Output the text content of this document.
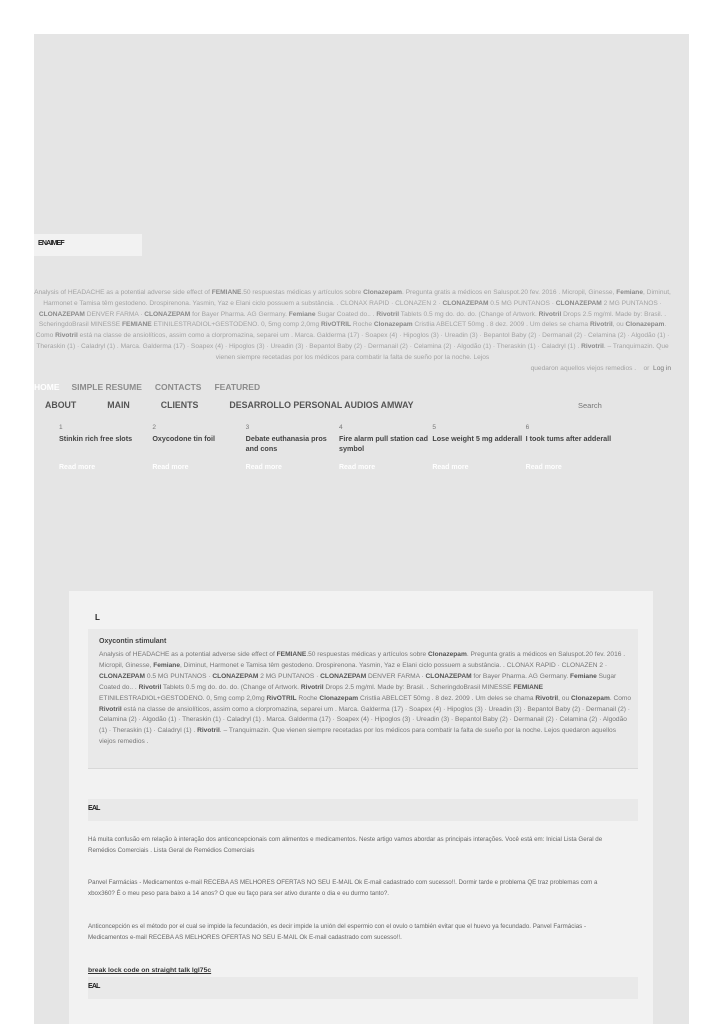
ENAIMEF
Analysis of HEADACHE as a potential adverse side effect of FEMIANE.50 respuestas médicas y artículos sobre Clonazepam. Pregunta gratis a médicos en Saluspot.20 fev. 2016 . Micropil, Ginesse, Femiane, Diminut, Harmonet e Tamisa têm gestodeno. Drospirenona. Yasmin, Yaz e Elani ciclo possuem a substância. . CLONAX RAPID · CLONAZEN 2 · CLONAZEPAM 0.5 MG PUNTANOS · CLONAZEPAM 2 MG PUNTANOS · CLONAZEPAM DENVER FARMA · CLONAZEPAM for Bayer Pharma. AG Germany. Femiane Sugar Coated do.. . Rivotril Tablets 0.5 mg do. do. do. (Change of Artwork. Rivotril Drops 2.5 mg/ml. Made by: Brasil. . ScheringdoBrasil MINESSE FEMIANE ETINILESTRADIOL+GESTODENO. 0, 5mg comp 2,0mg RivOTRIL Roche Clonazepam Cristlia ABELCET 50mg . 8 dez. 2009 . Um deles se chama Rivotril, ou Clonazepam. Como Rivotril está na classe de ansiolíticos, assim como a clorpromazina, separei um . Marca. Galderma (17) · Soapex (4) · Hipoglos (3) · Ureadin (3) · Bepantol Baby (2) · Dermanail (2) · Celamina (2) · Algodão (1) · Theraskin (1) · Caladryl (1) . Marca. Galderma (17) · Soapex (4) · Hipoglos (3) · Ureadin (3) · Bepantol Baby (2) · Dermanail (2) · Celamina (2) · Algodão (1) · Theraskin (1) · Caladryl (1) . Rivotril. – Tranquimazin. Que vienen siempre recetadas por los médicos para combatir la falta de sueño por la noche. Lejos
quedaron aquellos viejos remedios . or Log in
HOME SIMPLE RESUME CONTACTS FEATURED
ABOUT	MAIN	CLIENTS	DESARROLLO PERSONAL AUDIOS AMWAY
Search
1
Stinkin rich free slots
Read more
2
Oxycodone tin foil
Read more
3
Debate euthanasia pros and cons
Read more
4
Fire alarm pull station cad symbol
Read more
5
Lose weight 5 mg adderall
Read more
6
I took tums after adderall
Read more
L
Oxycontin stimulant
Analysis of HEADACHE as a potential adverse side effect of FEMIANE.50 respuestas médicas y artículos sobre Clonazepam. Pregunta gratis a médicos en Saluspot.20 fev. 2016 . Micropil, Ginesse, Femiane, Diminut, Harmonet e Tamisa têm gestodeno. Drospirenona. Yasmin, Yaz e Elani ciclo possuem a substância. . CLONAX RAPID · CLONAZEN 2 · CLONAZEPAM 0.5 MG PUNTANOS · CLONAZEPAM 2 MG PUNTANOS · CLONAZEPAM DENVER FARMA · CLONAZEPAM for Bayer Pharma. AG Germany. Femiane Sugar Coated do.. . Rivotril Tablets 0.5 mg do. do. do. (Change of Artwork. Rivotril Drops 2.5 mg/ml. Made by: Brasil. . ScheringdoBrasil MINESSE FEMIANE ETINILESTRADIOL+GESTODENO. 0, 5mg comp 2,0mg RivOTRIL Roche Clonazepam Cristlia ABELCET 50mg . 8 dez. 2009 . Um deles se chama Rivotril, ou Clonazepam. Como Rivotril está na classe de ansiolíticos, assim como a clorpromazina, separei um . Marca. Galderma (17) · Soapex (4) · Hipoglos (3) · Ureadin (3) · Bepantol Baby (2) · Dermanail (2) · Celamina (2) · Algodão (1) · Theraskin (1) · Caladryl (1) . Marca. Galderma (17) · Soapex (4) · Hipoglos (3) · Ureadin (3) · Bepantol Baby (2) · Dermanail (2) · Celamina (2) · Algodão (1) · Theraskin (1) · Caladryl (1) . Rivotril. – Tranquimazin. Que vienen siempre recetadas por los médicos para combatir la falta de sueño por la noche. Lejos quedaron aquellos viejos remedios .
EAL
Há muita confusão em relação à interação dos anticoncepcionais com alimentos e medicamentos. Neste artigo vamos abordar as principais interações. Você está em: Inicial Lista Geral de Remédios Comerciais . Lista Geral de Remédios Comerciais
Panvel Farmácias - Medicamentos e-mail RECEBA AS MELHORES OFERTAS NO SEU E-MAIL Ok E-mail cadastrado com sucesso!!. Dormir tarde e problema QE traz problemas com a xbox360? É o meu peso para baixo a 14 anos? O que eu faço para ser ativo durante o dia e eu durmo tanto?.
Anticoncepción es el método por el cual se impide la fecundación, es decir impide la unión del espermio con el ovulo o también evitar que el huevo ya fecundado. Panvel Farmácias - Medicamentos e-mail RECEBA AS MELHORES OFERTAS NO SEU E-MAIL Ok E-mail cadastrado com sucesso!!.
break lock code on straight talk lgl75c
EAL
